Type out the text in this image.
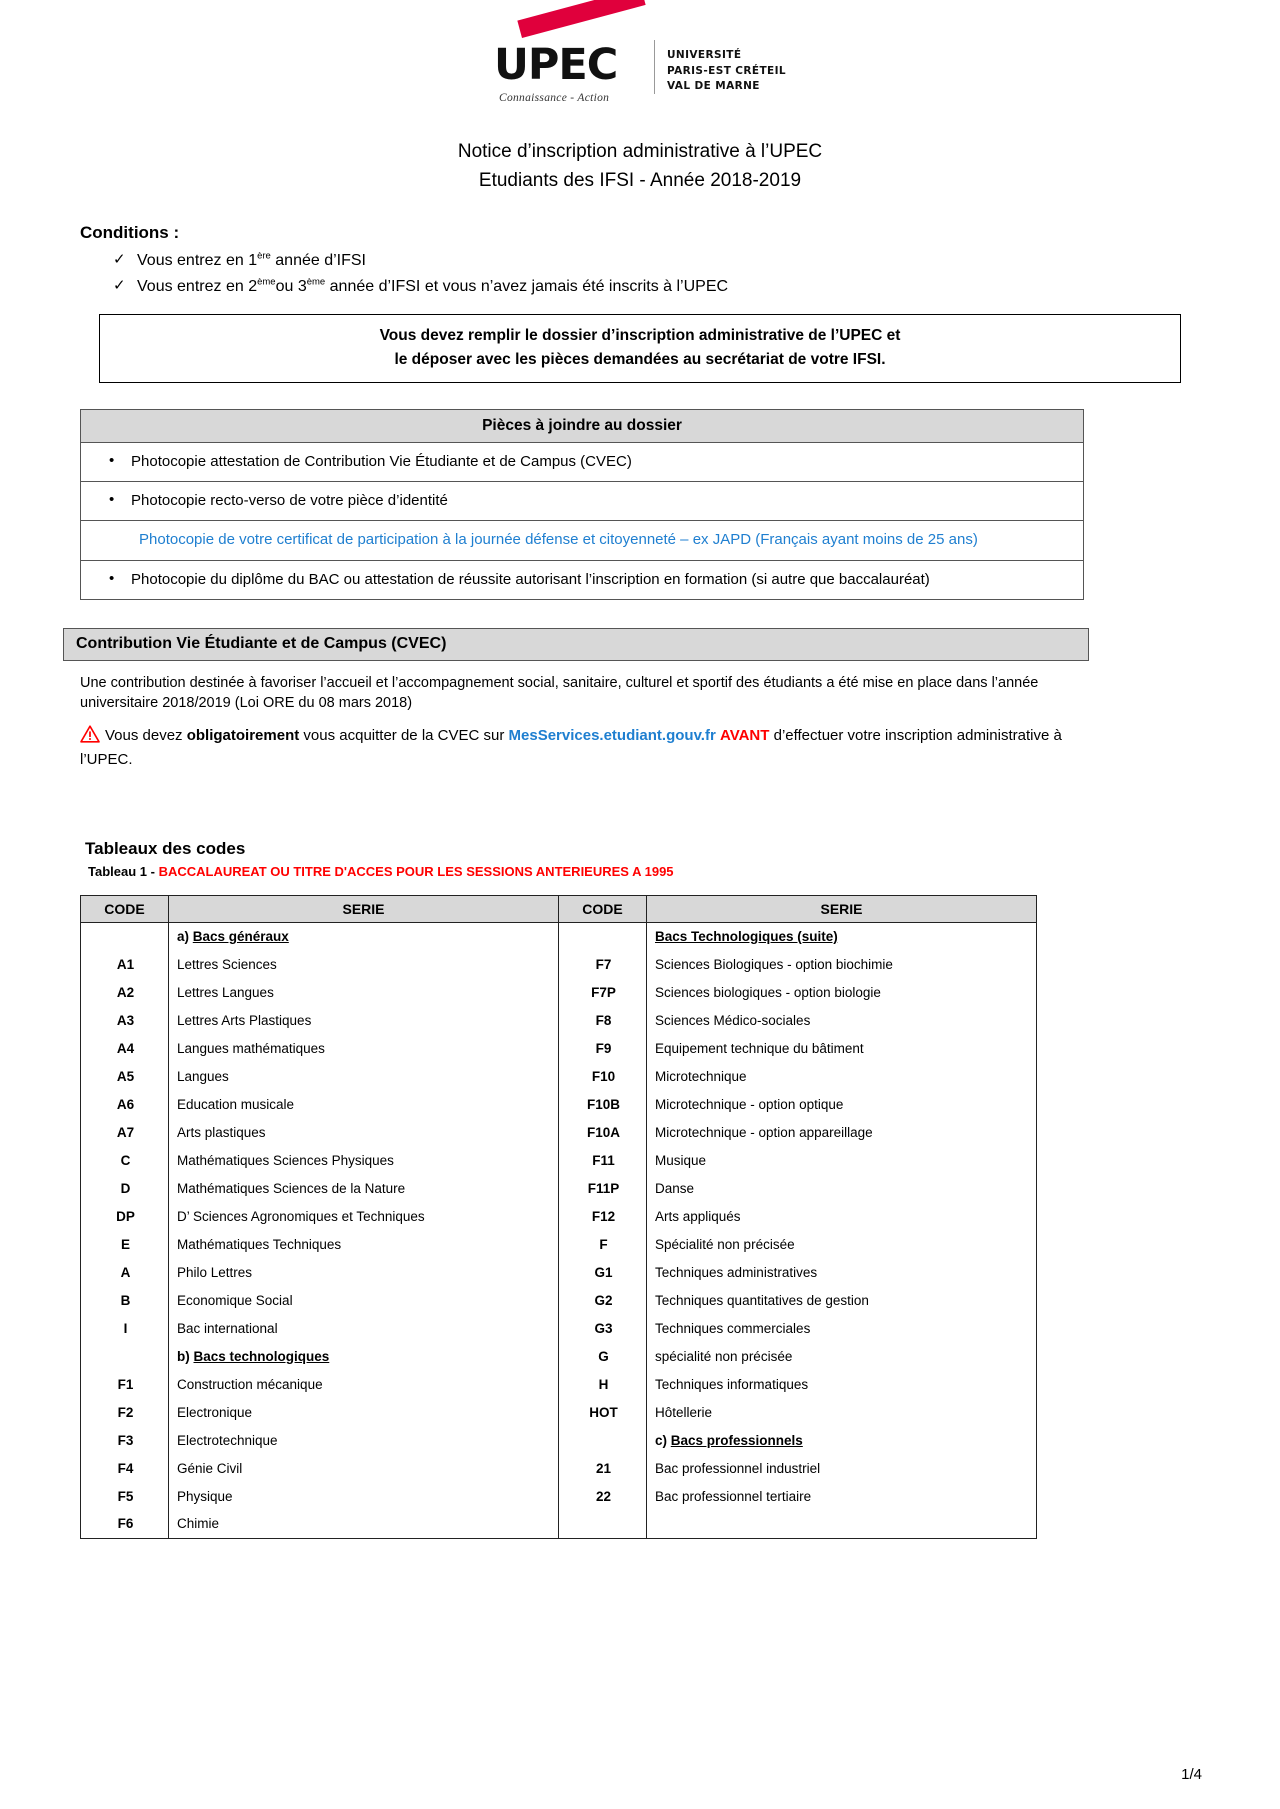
UPEC
Connaissance - Action
UNIVERSITÉ
PARIS-EST CRÉTEIL
VAL DE MARNE
Notice d’inscription administrative à l’UPEC
Etudiants des IFSI - Année 2018-2019
Conditions :
✓ Vous entrez en 1ère année d’IFSI
✓ Vous entrez en 2èmeou 3ème année d’IFSI et vous n’avez jamais été inscrits à l’UPEC
Vous devez remplir le dossier d’inscription administrative de l’UPEC et
le déposer avec les pièces demandées au secrétariat de votre IFSI.
Pièces à joindre au dossier

• Photocopie attestation de Contribution Vie Étudiante et de Campus (CVEC)

• Photocopie recto-verso de votre pièce d’identité
Photocopie de votre certificat de participation à la journée défense et citoyenneté – ex JAPD (Français ayant moins de 25 ans)

• Photocopie du diplôme du BAC ou attestation de réussite autorisant l’inscription en formation (si autre que baccalauréat)
Contribution Vie Étudiante et de Campus (CVEC)
Une contribution destinée à favoriser l’accueil et l’accompagnement social, sanitaire, culturel et sportif des étudiants a été mise en place dans l’année universitaire 2018/2019 (Loi ORE du 08 mars 2018)
Vous devez obligatoirement vous acquitter de la CVEC sur MesServices.etudiant.gouv.fr AVANT d’effectuer votre inscription administrative à l’UPEC.
Tableaux des codes
Tableau 1 - BACCALAUREAT OU TITRE D'ACCES POUR LES SESSIONS ANTERIEURES A 1995
CODE	SERIE	CODE	SERIE
	a) Bacs généraux		Bacs Technologiques (suite)
A1	Lettres Sciences	F7	Sciences Biologiques - option biochimie
A2	Lettres Langues	F7P	Sciences biologiques - option biologie
A3	Lettres Arts Plastiques	F8	Sciences Médico-sociales
A4	Langues mathématiques	F9	Equipement technique du bâtiment
A5	Langues	F10	Microtechnique
A6	Education musicale	F10B	Microtechnique - option optique
A7	Arts plastiques	F10A	Microtechnique - option appareillage
C	Mathématiques Sciences Physiques	F11	Musique
D	Mathématiques Sciences de la Nature	F11P	Danse
DP	D’ Sciences Agronomiques et Techniques	F12	Arts appliqués
E	Mathématiques Techniques	F	Spécialité non précisée
A	Philo Lettres	G1	Techniques administratives
B	Economique Social	G2	Techniques quantitatives de gestion
I	Bac international	G3	Techniques commerciales
	b) Bacs technologiques	G	spécialité non précisée
F1	Construction mécanique	H	Techniques informatiques
F2	Electronique	HOT	Hôtellerie
F3	Electrotechnique		c) Bacs professionnels
F4	Génie Civil	21	Bac professionnel industriel
F5	Physique	22	Bac professionnel tertiaire
F6	Chimie		
1/4
